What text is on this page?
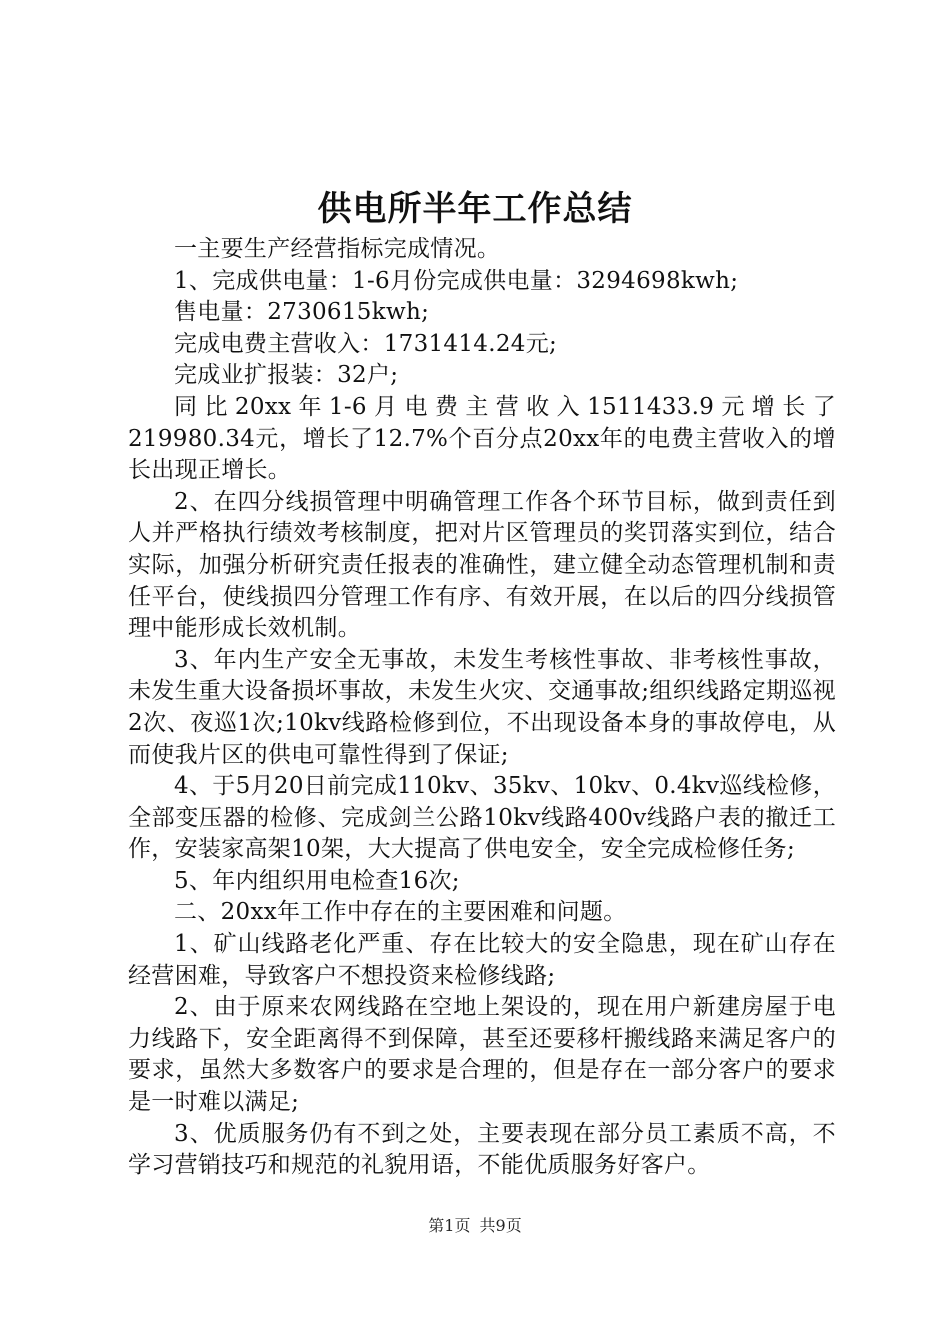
供电所半年工作总结

一主要生产经营指标完成情况。

1、完成供电量：1-6月份完成供电量：3294698kwh;

售电量：2730615kwh;

完成电费主营收入：1731414.24元;

完成业扩报装：32户;

同比20xx年1-6月电费主营收入1511433.9元增长了219980.34元，增长了12.7%个百分点20xx年的电费主营收入的增长出现正增长。

2、在四分线损管理中明确管理工作各个环节目标，做到责任到人并严格执行绩效考核制度，把对片区管理员的奖罚落实到位，结合实际，加强分析研究责任报表的准确性，建立健全动态管理机制和责任平台，使线损四分管理工作有序、有效开展，在以后的四分线损管理中能形成长效机制。

3、年内生产安全无事故，未发生考核性事故、非考核性事故，未发生重大设备损坏事故，未发生火灾、交通事故;组织线路定期巡视2次、夜巡1次;10kv线路检修到位，不出现设备本身的事故停电，从而使我片区的供电可靠性得到了保证;

4、于5月20日前完成110kv、35kv、10kv、0.4kv巡线检修，全部变压器的检修、完成剑兰公路10kv线路400v线路户表的撤迁工作，安装家高架10架，大大提高了供电安全，安全完成检修任务;

5、年内组织用电检查16次;

二、20xx年工作中存在的主要困难和问题。

1、矿山线路老化严重、存在比较大的安全隐患，现在矿山存在经营困难，导致客户不想投资来检修线路;

2、由于原来农网线路在空地上架设的，现在用户新建房屋于电力线路下，安全距离得不到保障，甚至还要移杆搬线路来满足客户的要求，虽然大多数客户的要求是合理的，但是存在一部分客户的要求是一时难以满足;

3、优质服务仍有不到之处，主要表现在部分员工素质不高，不学习营销技巧和规范的礼貌用语，不能优质服务好客户。

第1页 共9页
